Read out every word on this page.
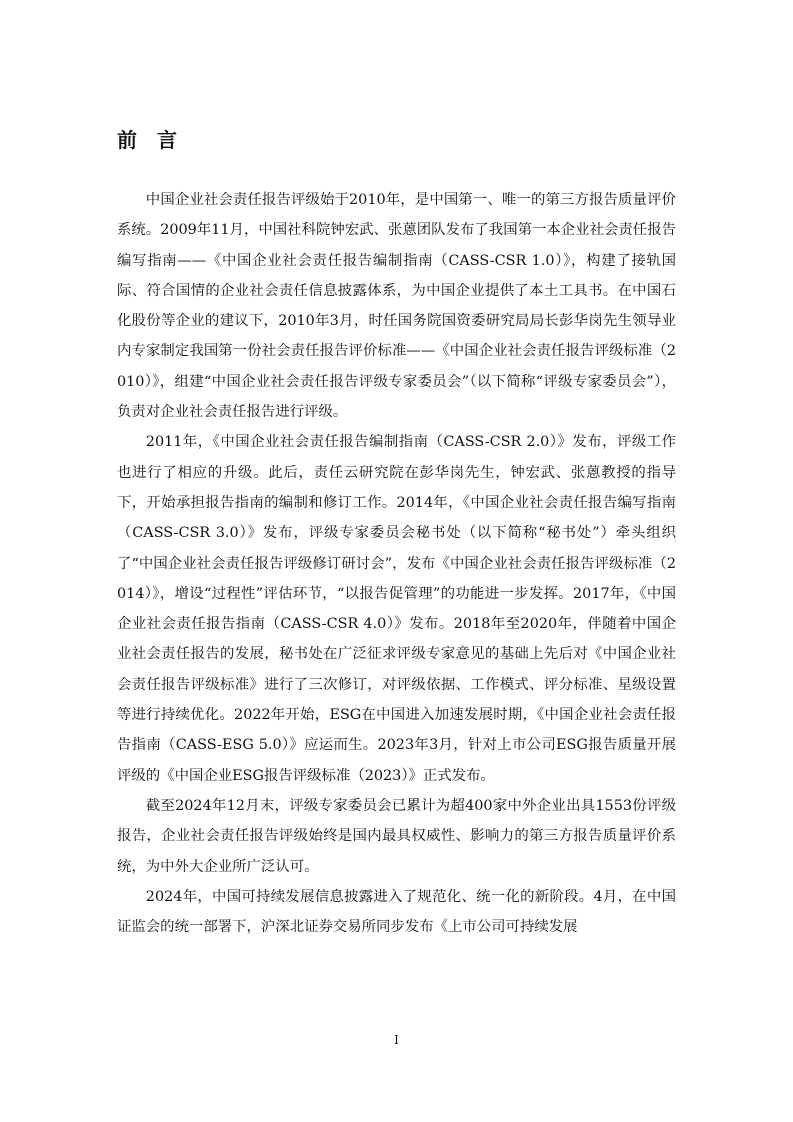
前言

中国企业社会责任报告评级始于2010年，是中国第一、唯一的第三方报告质量评价系统。2009年11月，中国社科院钟宏武、张蒽团队发布了我国第一本企业社会责任报告编写指南——《中国企业社会责任报告编制指南（CASS-CSR 1.0）》，构建了接轨国际、符合国情的企业社会责任信息披露体系，为中国企业提供了本土工具书。在中国石化股份等企业的建议下，2010年3月，时任国务院国资委研究局局长彭华岗先生领导业内专家制定我国第一份社会责任报告评价标准——《中国企业社会责任报告评级标准（2010）》，组建“中国企业社会责任报告评级专家委员会”（以下简称“评级专家委员会”），负责对企业社会责任报告进行评级。

2011年，《中国企业社会责任报告编制指南（CASS-CSR 2.0）》发布，评级工作也进行了相应的升级。此后，责任云研究院在彭华岗先生，钟宏武、张蒽教授的指导下，开始承担报告指南的编制和修订工作。2014年，《中国企业社会责任报告编写指南（CASS-CSR 3.0）》发布，评级专家委员会秘书处（以下简称“秘书处”）牵头组织了“中国企业社会责任报告评级修订研讨会”，发布《中国企业社会责任报告评级标准（2014）》，增设“过程性”评估环节，“以报告促管理”的功能进一步发挥。2017年，《中国企业社会责任报告指南（CASS-CSR 4.0）》发布。2018年至2020年，伴随着中国企业社会责任报告的发展，秘书处在广泛征求评级专家意见的基础上先后对《中国企业社会责任报告评级标准》进行了三次修订，对评级依据、工作模式、评分标准、星级设置等进行持续优化。2022年开始，ESG在中国进入加速发展时期，《中国企业社会责任报告指南（CASS-ESG 5.0）》应运而生。2023年3月，针对上市公司ESG报告质量开展评级的《中国企业ESG报告评级标准（2023）》正式发布。

截至2024年12月末，评级专家委员会已累计为超400家中外企业出具1553份评级报告，企业社会责任报告评级始终是国内最具权威性、影响力的第三方报告质量评价系统，为中外大企业所广泛认可。

2024年，中国可持续发展信息披露进入了规范化、统一化的新阶段。4月，在中国证监会的统一部署下，沪深北证券交易所同步发布《上市公司可持续发展

I
